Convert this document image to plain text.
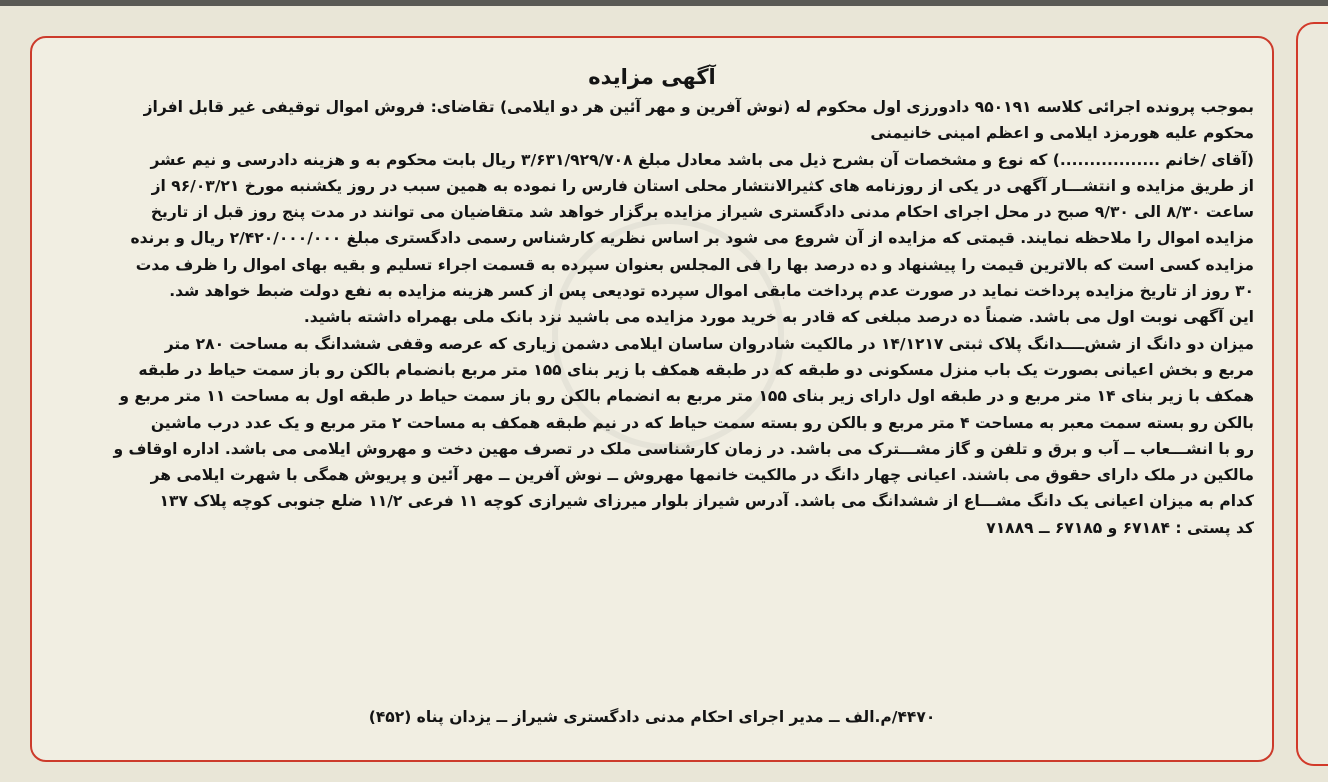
آگهی مزایده
بموجب پرونده اجرائی کلاسه ۹۵۰۱۹۱ دادورزی اول محکوم له (نوش آفرین و مهر آئین هر دو ایلامی) تقاضای: فروش اموال توقیفی غیر قابل افراز
محکوم علیه هورمزد ایلامی و اعظم امینی خانیمنی
(آقای /خانم .................) که نوع و مشخصات آن بشرح ذیل می باشد معادل مبلغ ۳/۶۳۱/۹۲۹/۷۰۸ ریال بابت محکوم به و هزینه دادرسی و نیم عشر
از طریق مزایده و انتشـــار آگهی در یکی از روزنامه های کثیرالانتشار محلی استان فارس را نموده به همین سبب در روز یکشنبه مورخ ۹۶/۰۳/۲۱ از
ساعت ۸/۳۰ الی ۹/۳۰ صبح در محل اجرای احکام مدنی دادگستری شیراز مزایده برگزار خواهد شد متقاضیان می توانند در مدت پنج روز قبل از تاریخ
مزایده اموال را ملاحظه نمایند. قیمتی که مزایده از آن شروع می شود بر اساس نظریه کارشناس رسمی دادگستری مبلغ ۲/۴۲۰/۰۰۰/۰۰۰ ریال و برنده
مزایده کسی است که بالاترین قیمت را پیشنهاد و ده درصد بها را فی المجلس بعنوان سپرده به قسمت اجراء تسلیم و بقیه بهای اموال را ظرف مدت
۳۰ روز از تاریخ مزایده پرداخت نماید در صورت عدم پرداخت مابقی اموال سپرده تودیعی پس از کسر هزینه مزایده به نفع دولت ضبط خواهد شد.
این آگهی نوبت اول می باشد. ضمناً ده درصد مبلغی که قادر به خرید مورد مزایده می باشید نزد بانک ملی بهمراه داشته باشید.
میزان دو دانگ از شش‌ــــدانگ پلاک ثبتی ۱۴/۱۲۱۷ در مالکیت شادروان ساسان ایلامی دشمن زیاری که عرصه وقفی ششدانگ به مساحت ۲۸۰ متر
مربع و بخش اعیانی بصورت یک باب منزل مسکونی دو طبقه که در طبقه همکف با زیر بنای ۱۵۵ متر مربع بانضمام بالکن رو باز سمت حیاط در طبقه
همکف با زیر بنای ۱۴ متر مربع و در طبقه اول دارای زیر بنای ۱۵۵ متر مربع به انضمام بالکن رو باز سمت حیاط در طبقه اول به مساحت ۱۱ متر مربع و
بالکن رو بسته سمت معبر به مساحت ۴ متر مربع و بالکن رو بسته سمت حیاط که در نیم طبقه همکف به مساحت ۲ متر مربع و یک عدد درب ماشین
رو با انشـــعاب ــ آب و برق و تلفن و گاز مشـــترک می باشد. در زمان کارشناسی ملک در تصرف مهین دخت و مهروش ایلامی می باشد. اداره اوقاف و
مالکین در ملک دارای حقوق می باشند. اعیانی چهار دانگ در مالکیت خانمها مهروش ــ نوش آفرین ــ مهر آئین و پریوش همگی با شهرت ایلامی هر
کدام به میزان اعیانی یک دانگ مشـــاع از ششدانگ می باشد. آدرس شیراز بلوار میرزای شیرازی کوچه ۱۱ فرعی ۱۱/۲ ضلع جنوبی کوچه پلاک ۱۳۷
کد پستی : ۶۷۱۸۴ و ۶۷۱۸۵ ــ ۷۱۸۸۹
۴۴۷۰/م.الف ــ مدیر اجرای احکام مدنی دادگستری شیراز ــ یزدان پناه (۴۵۲)
